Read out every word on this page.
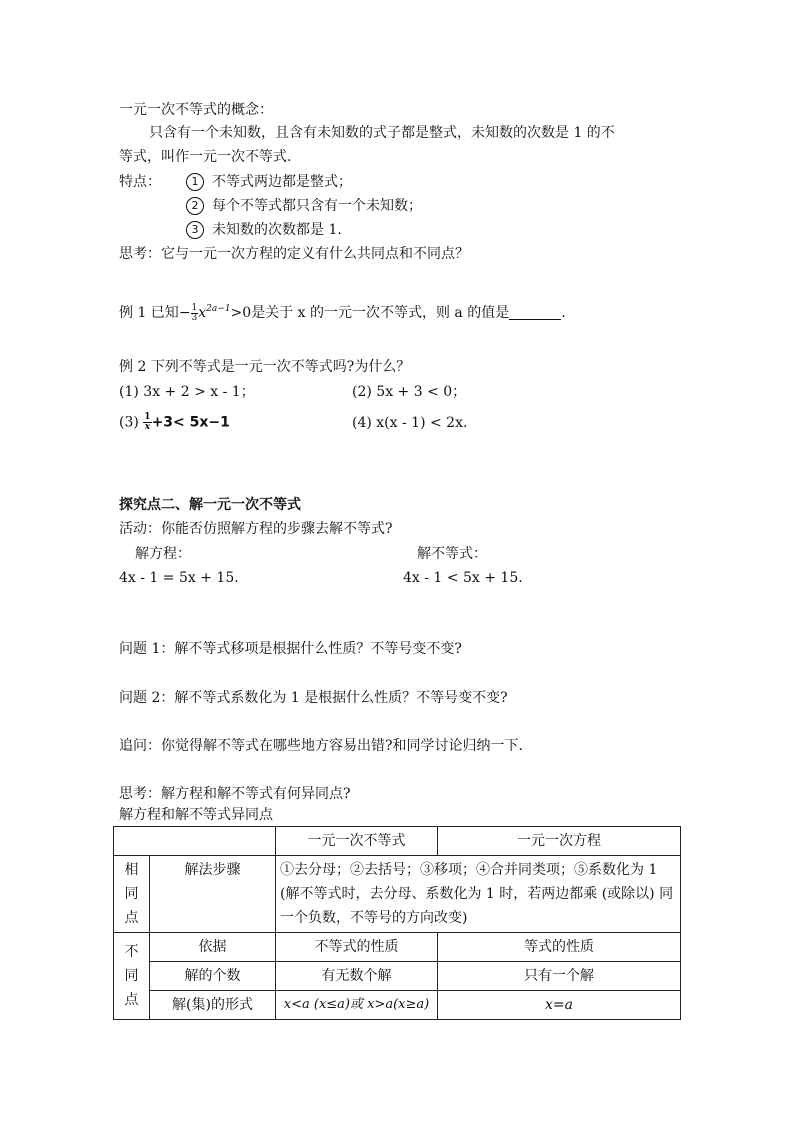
一元一次不等式的概念：
只含有一个未知数，且含有未知数的式子都是整式，未知数的次数是 1 的不
等式，叫作一元一次不等式.
特点：	1 不等式两边都是整式；
2 每个不等式都只含有一个未知数；
3 未知数的次数都是 1.
思考：它与一元一次方程的定义有什么共同点和不同点？
例 1 已知− $\frac{1}{3} x^{2a-1}>0$是关于 x 的一元一次不等式，则 a 的值是	.
例 2 下列不等式是一元一次不等式吗?为什么？
(1) 3x + 2 > x - 1；	(2) 5x + 3 < 0；
$(3) \frac{1}{x} +3< 5x-1$	(4) x(x - 1) < 2x.
探究点二、解一元一次不等式
活动：你能否仿照解方程的步骤去解不等式?
解方程：	解不等式：
4x - 1 = 5x + 15.	4x - 1 < 5x + 15.
问题 1：解不等式移项是根据什么性质？不等号变不变?
问题 2：解不等式系数化为 1 是根据什么性质？不等号变不变?
追问：你觉得解不等式在哪些地方容易出错?和同学讨论归纳一下.
思考：解方程和解不等式有何异同点?
解方程和解不等式异同点
		一元一次不等式	一元一次方程
相同点	解法步骤	①去分母；②去括号；③移项；④合并同类项；⑤系数化为 1 (解不等式时，去分母、系数化为 1 时，若两边都乘 (或除以) 同一个负数，不等号的方向改变)	
不同点	依据	不等式的性质	等式的性质
	解的个数	有无数个解	只有一个解
	解(集)的形式	x<a (x≤a)或 x>a(x≥a)	x=a
